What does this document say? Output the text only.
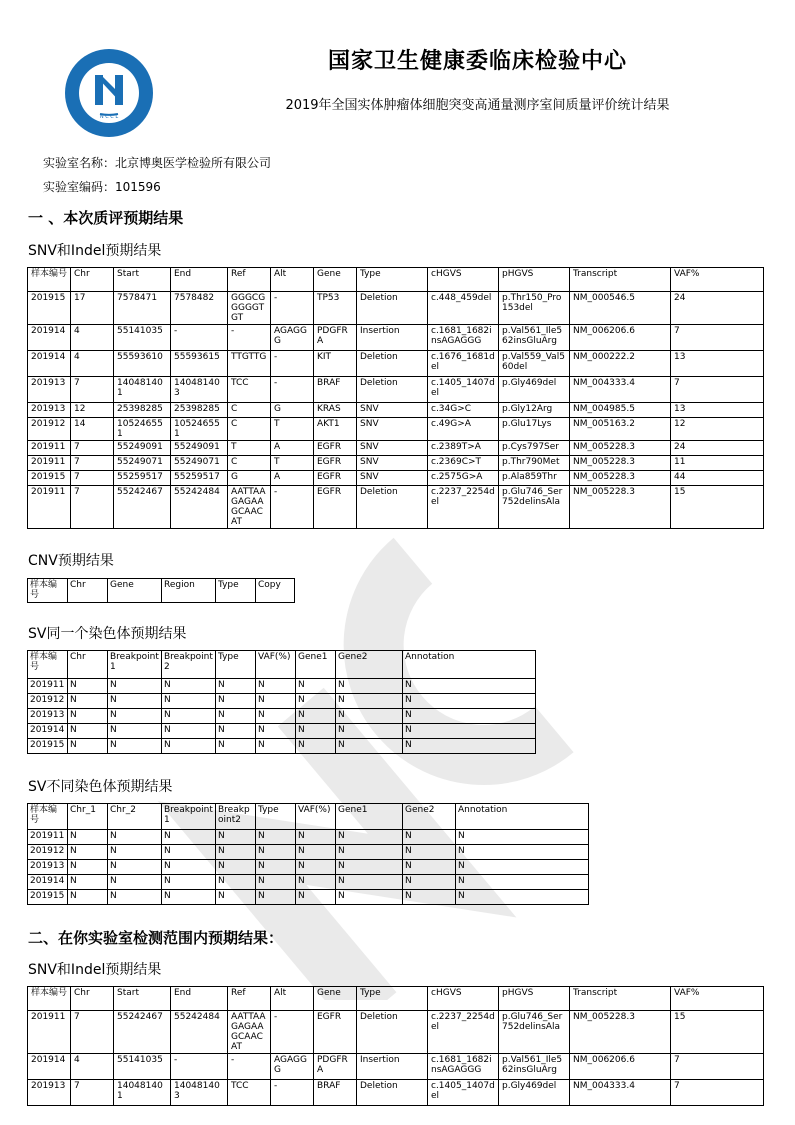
N C C L
国家卫生健康委临床检验中心
2019年全国实体肿瘤体细胞突变高通量测序室间质量评价统计结果
实验室名称：北京博奥医学检验所有限公司
实验室编码：101596
一 、本次质评预期结果
SNV和Indel预期结果
样本编号	Chr	Start	End	Ref	Alt	Gene	Type	cHGVS	pHGVS	Transcript	VAF%
201915	17	7578471	7578482	GGGCGGGGGTGT	-	TP53	Deletion	c.448_459del	p.Thr150_Pro153del	NM_000546.5	24
201914	4	55141035	-	-	AGAGGG	PDGFRA	Insertion	c.1681_1682insAGAGGG	p.Val561_Ile562insGluArg	NM_006206.6	7
201914	4	55593610	55593615	TTGTTG	-	KIT	Deletion	c.1676_1681del	p.Val559_Val560del	NM_000222.2	13
201913	7	140481401	140481403	TCC	-	BRAF	Deletion	c.1405_1407del	p.Gly469del	NM_004333.4	7
201913	12	25398285	25398285	C	G	KRAS	SNV	c.34G>C	p.Gly12Arg	NM_004985.5	13
201912	14	105246551	105246551	C	T	AKT1	SNV	c.49G>A	p.Glu17Lys	NM_005163.2	12
201911	7	55249091	55249091	T	A	EGFR	SNV	c.2389T>A	p.Cys797Ser	NM_005228.3	24
201911	7	55249071	55249071	C	T	EGFR	SNV	c.2369C>T	p.Thr790Met	NM_005228.3	11
201915	7	55259517	55259517	G	A	EGFR	SNV	c.2575G>A	p.Ala859Thr	NM_005228.3	44
201911	7	55242467	55242484	AATTAAGAGAAGCAACAT	-	EGFR	Deletion	c.2237_2254del	p.Glu746_Ser752delinsAla	NM_005228.3	15
CNV预期结果
样本编号	Chr	Gene	Region	Type	Copy
SV同一个染色体预期结果
样本编号	Chr	Breakpoint 1	Breakpoint 2	Type	VAF(%)	Gene1	Gene2	Annotation
201911	N	N	N	N	N	N	N	N
201912	N	N	N	N	N	N	N	N
201913	N	N	N	N	N	N	N	N
201914	N	N	N	N	N	N	N	N
201915	N	N	N	N	N	N	N	N
SV不同染色体预期结果
样本编号	Chr_1	Chr_2	Breakpoint1	Breakpoint2	Type	VAF(%)	Gene1	Gene2	Annotation
201911	N	N	N	N	N	N	N	N	N
201912	N	N	N	N	N	N	N	N	N
201913	N	N	N	N	N	N	N	N	N
201914	N	N	N	N	N	N	N	N	N
201915	N	N	N	N	N	N	N	N	N
二、在你实验室检测范围内预期结果：
SNV和Indel预期结果
样本编号	Chr	Start	End	Ref	Alt	Gene	Type	cHGVS	pHGVS	Transcript	VAF%
201911	7	55242467	55242484	AATTAAGAGAAGCAACAT	-	EGFR	Deletion	c.2237_2254del	p.Glu746_Ser752delinsAla	NM_005228.3	15
201914	4	55141035	-	-	AGAGGG	PDGFRA	Insertion	c.1681_1682insAGAGGG	p.Val561_Ile562insGluArg	NM_006206.6	7
201913	7	140481401	140481403	TCC	-	BRAF	Deletion	c.1405_1407del	p.Gly469del	NM_004333.4	7
